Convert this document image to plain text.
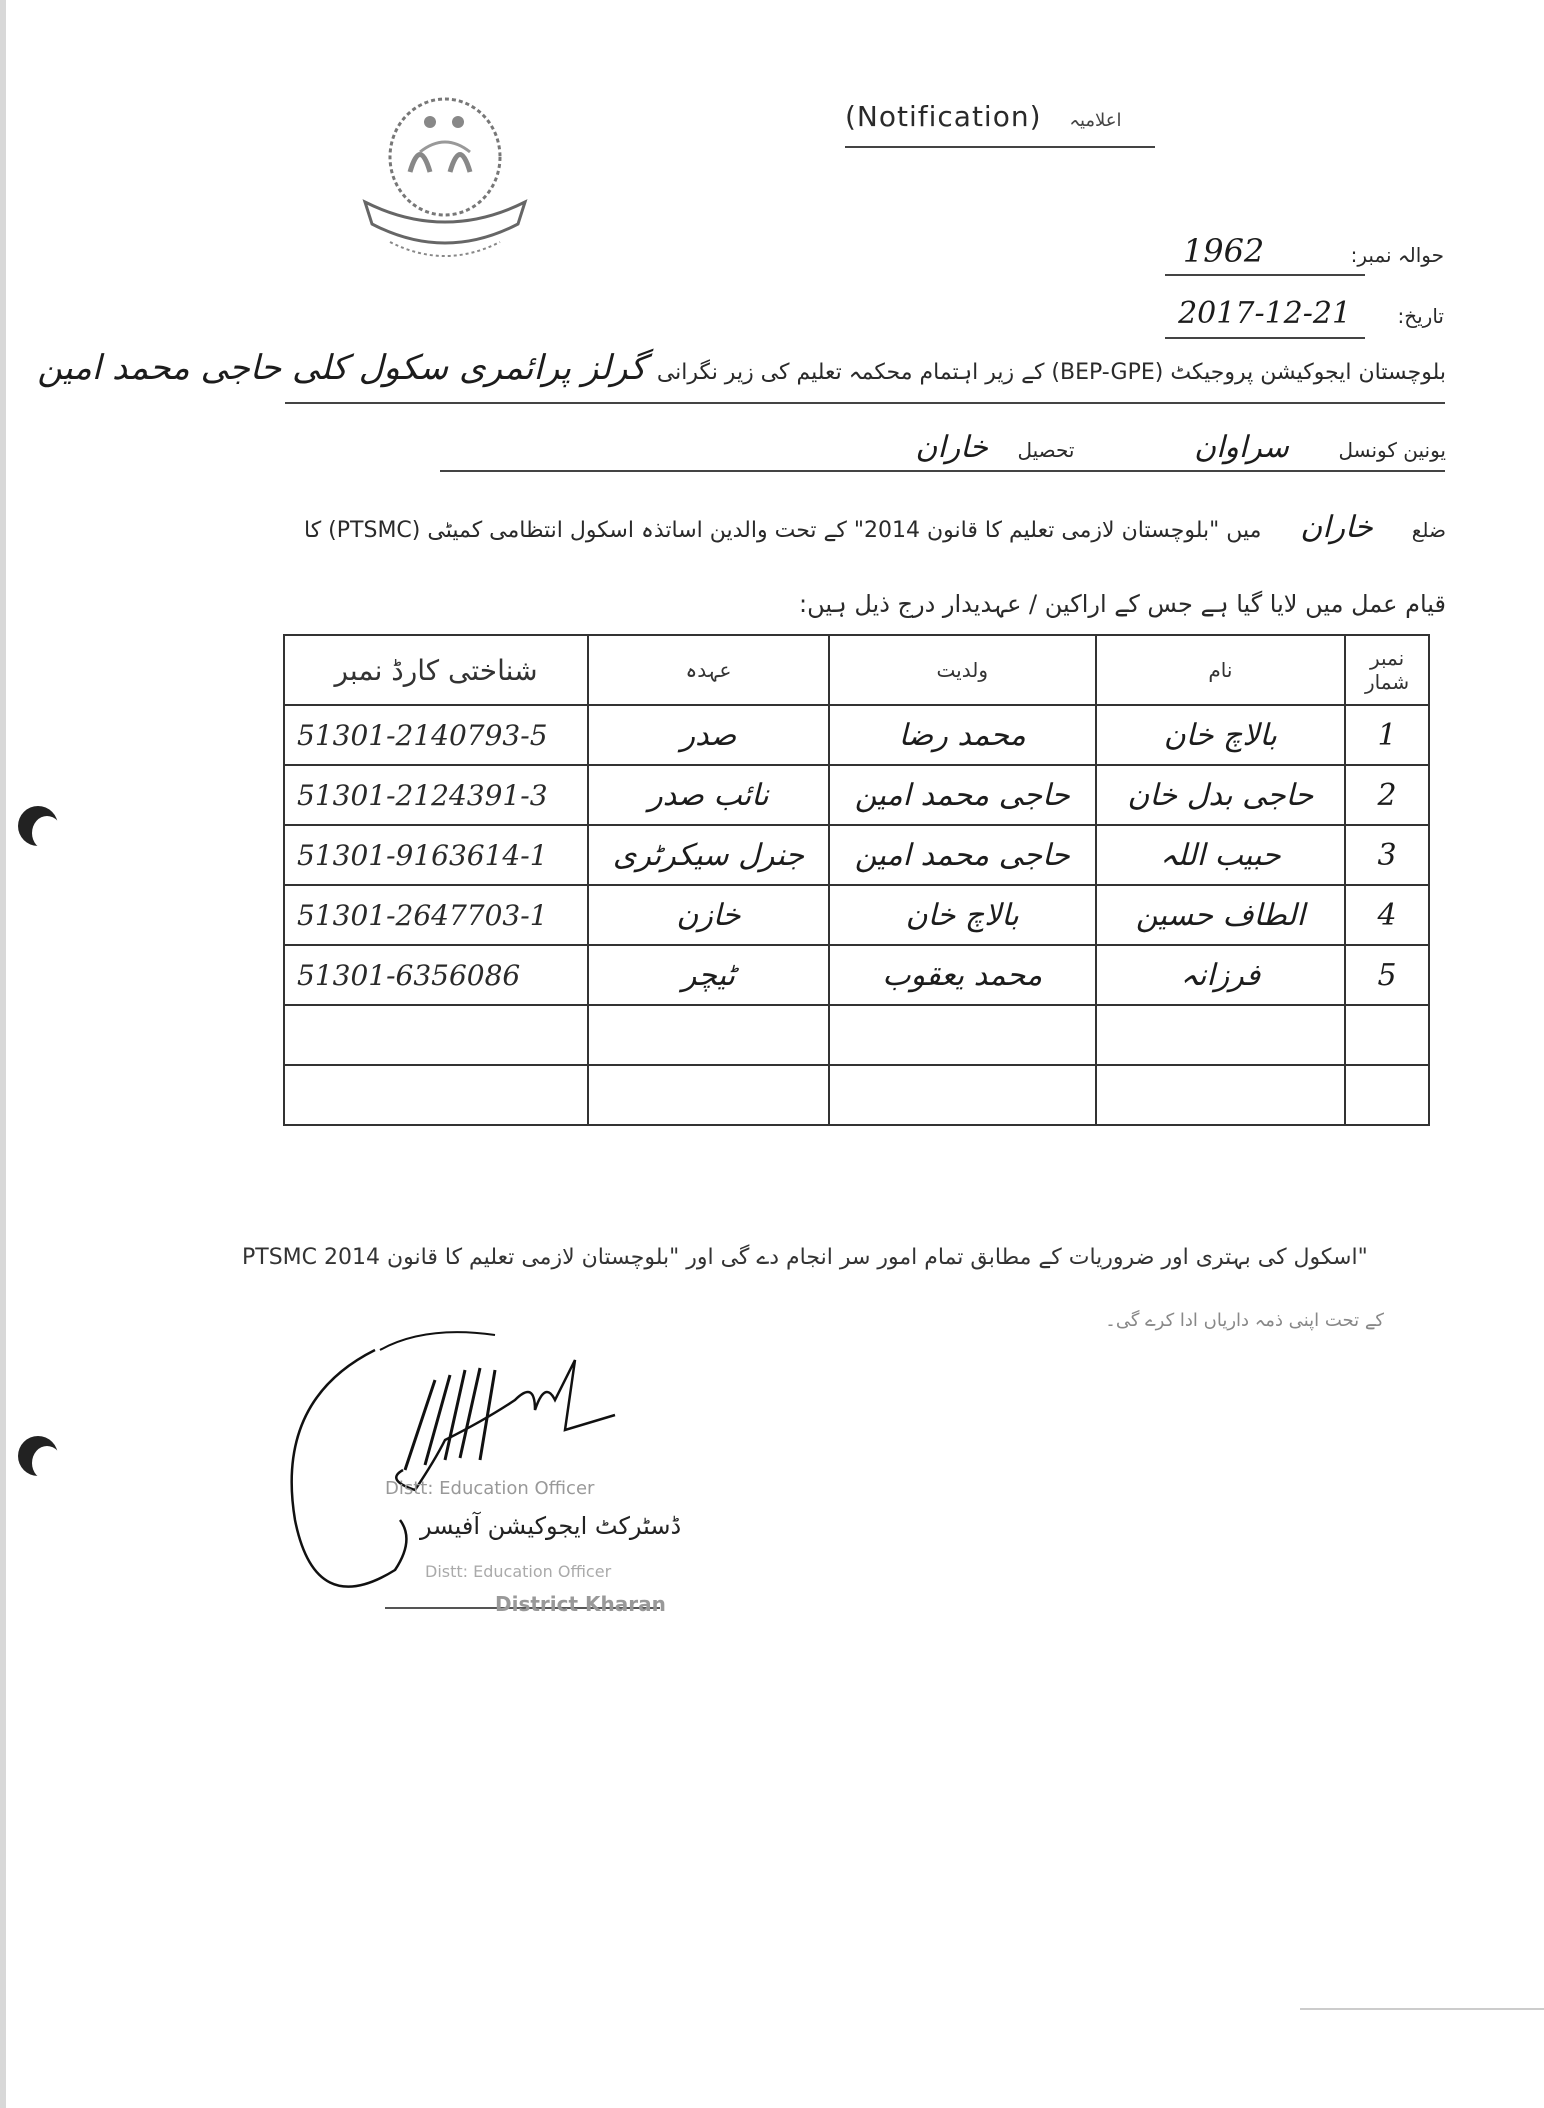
(Notification) اعلامیہ
حوالہ نمبر: 1962
تاریخ: 21-12-2017
بلوچستان ایجوکیشن پروجیکٹ (BEP-GPE) کے زیر اہتمام محکمہ تعلیم کی زیر نگرانی گرلز پرائمری سکول کلی حاجی محمد امین
یونین کونسل سراوان تحصیل خاران
ضلع خاران میں "بلوچستان لازمی تعلیم کا قانون 2014" کے تحت والدین اساتذہ اسکول انتظامی کمیٹی (PTSMC) کا
قیام عمل میں لایا گیا ہے جس کے اراکین / عہدیدار درج ذیل ہیں:
نمبر شمار	نام	ولدیت	عہدہ	شناختی کارڈ نمبر
1	بالاچ خان	محمد رضا	صدر	51301-2140793-5
2	حاجی بدل خان	حاجی محمد امین	نائب صدر	51301-2124391-3
3	حبیب اللہ	حاجی محمد امین	جنرل سیکرٹری	51301-9163614-1
4	الطاف حسین	بالاچ خان	خازن	51301-2647703-1
5	فرزانہ	محمد یعقوب	ٹیچر	51301-6356086

PTSMC اسکول کی بہتری اور ضروریات کے مطابق تمام امور سر انجام دے گی اور "بلوچستان لازمی تعلیم کا قانون 2014"
کے تحت اپنی ذمہ داریاں ادا کرے گی۔
Distt: Education Officer
ڈسٹرکٹ ایجوکیشن آفیسر
Distt: Education Officer
District Kharan
